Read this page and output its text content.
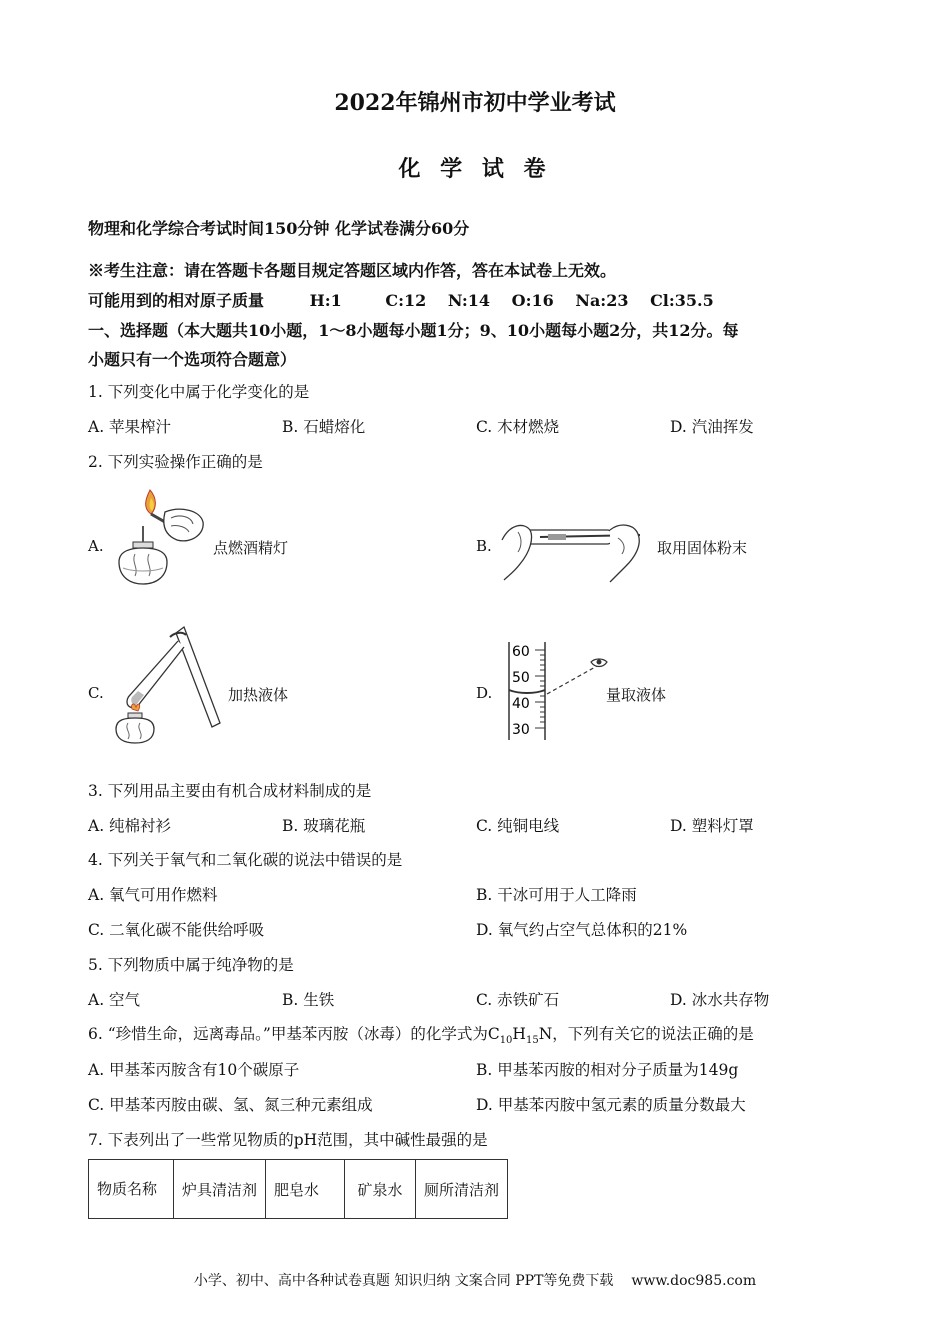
2022年锦州市初中学业考试
化 学 试 卷
物理和化学综合考试时间150分钟 化学试卷满分60分
※考生注意：请在答题卡各题目规定答题区域内作答，答在本试卷上无效。
可能用到的相对原子质量	H:1	C:12 N:14 O:16 Na:23 Cl:35.5
一、选择题（本大题共10小题，1～8小题每小题1分；9、10小题每小题2分，共12分。每
小题只有一个选项符合题意）
1. 下列变化中属于化学变化的是
A. 苹果榨汁	B. 石蜡熔化	C. 木材燃烧	D. 汽油挥发
2. 下列实验操作正确的是
A.	点燃酒精灯	B.	取用固体粉末
C.	加热液体	D.
60
50
40
30
量取液体
3. 下列用品主要由有机合成材料制成的是
A. 纯棉衬衫	B. 玻璃花瓶	C. 纯铜电线	D. 塑料灯罩
4. 下列关于氧气和二氧化碳的说法中错误的是
A. 氧气可用作燃料	B. 干冰可用于人工降雨
C. 二氧化碳不能供给呼吸	D. 氧气约占空气总体积的21%
5. 下列物质中属于纯净物的是
A. 空气	B. 生铁	C. 赤铁矿石	D. 冰水共存物
6. “珍惜生命，远离毒品。”甲基苯丙胺（冰毒）的化学式为$C_{10}H_{15}N$，下列有关它的说法正确的是
A. 甲基苯丙胺含有10个碳原子	B. 甲基苯丙胺的相对分子质量为149g
C. 甲基苯丙胺由碳、氢、氮三种元素组成	D. 甲基苯丙胺中氢元素的质量分数最大
7. 下表列出了一些常见物质的pH范围，其中碱性最强的是
物质名称	炉具清洁剂	肥皂水	矿泉水	厕所清洁剂
小学、初中、高中各种试卷真题 知识归纳 文案合同 PPT等免费下载 www.doc985.com
